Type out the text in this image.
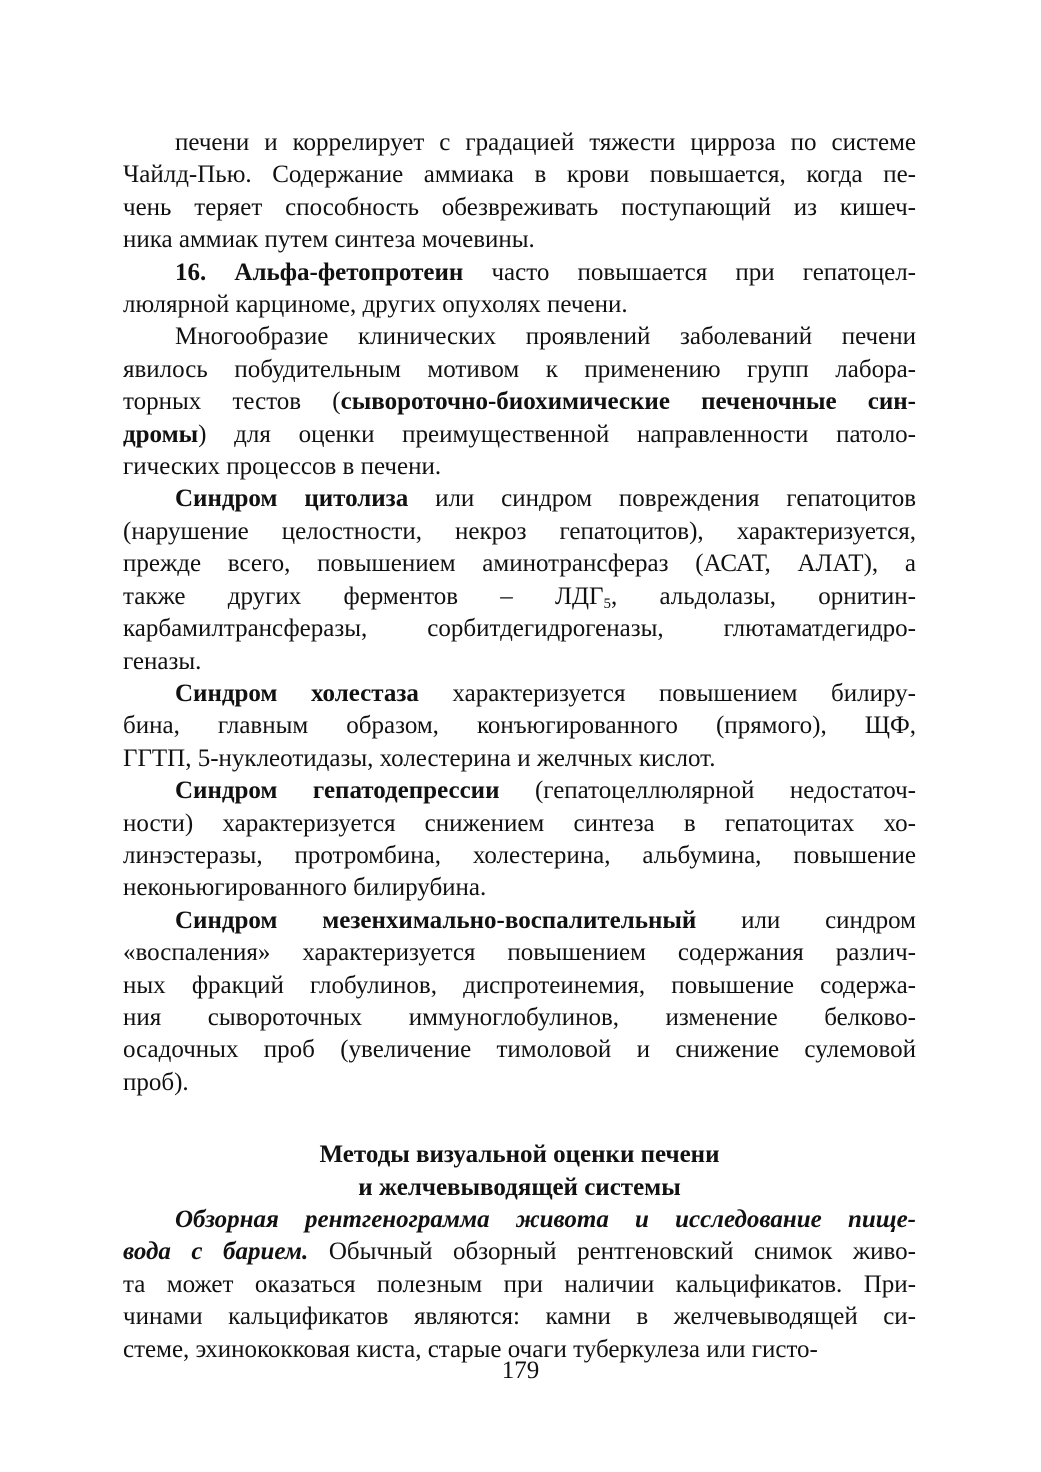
печени и коррелирует с градацией тяжести цирроза по системе
Чайлд-Пью. Содержание аммиака в крови повышается, когда пе-
чень теряет способность обезвреживать поступающий из кишеч-
ника аммиак путем синтеза мочевины.
16. Альфа-фетопротеин часто повышается при гепатоцел-
люлярной карциноме, других опухолях печени.
Многообразие клинических проявлений заболеваний печени
явилось побудительным мотивом к применению групп лабора-
торных тестов (сывороточно-биохимические печеночные син-
дромы) для оценки преимущественной направленности патоло-
гических процессов в печени.
Синдром цитолиза или синдром повреждения гепатоцитов
(нарушение целостности, некроз гепатоцитов), характеризуется,
прежде всего, повышением аминотрансфераз (АСАТ, АЛАТ), а
также других ферментов – $ЛДГ_5$, альдолазы, орнитин-
карбамилтрансферазы, сорбитдегидрогеназы, глютаматдегидро-
геназы.
Синдром холестаза характеризуется повышением билиру-
бина, главным образом, конъюгированного (прямого), ЩФ,
ГГТП, 5-нуклеотидазы, холестерина и желчных кислот.
Синдром гепатодепрессии (гепатоцеллюлярной недостаточ-
ности) характеризуется снижением синтеза в гепатоцитах хо-
линэстеразы, протромбина, холестерина, альбумина, повышение
неконьюгированного билирубина.
Синдром мезенхимально-воспалительный или синдром
«воспаления» характеризуется повышением содержания различ-
ных фракций глобулинов, диспротеинемия, повышение содержа-
ния сывороточных иммуноглобулинов, изменение белково-
осадочных проб (увеличение тимоловой и снижение сулемовой
проб).
Методы визуальной оценки печени
и желчевыводящей системы
Обзорная рентгенограмма живота и исследование пище-
вода с барием. Обычный обзорный рентгеновский снимок живо-
та может оказаться полезным при наличии кальцификатов. При-
чинами кальцификатов являются: камни в желчевыводящей си-
стеме, эхинококковая киста, старые очаги туберкулеза или гисто-
179
